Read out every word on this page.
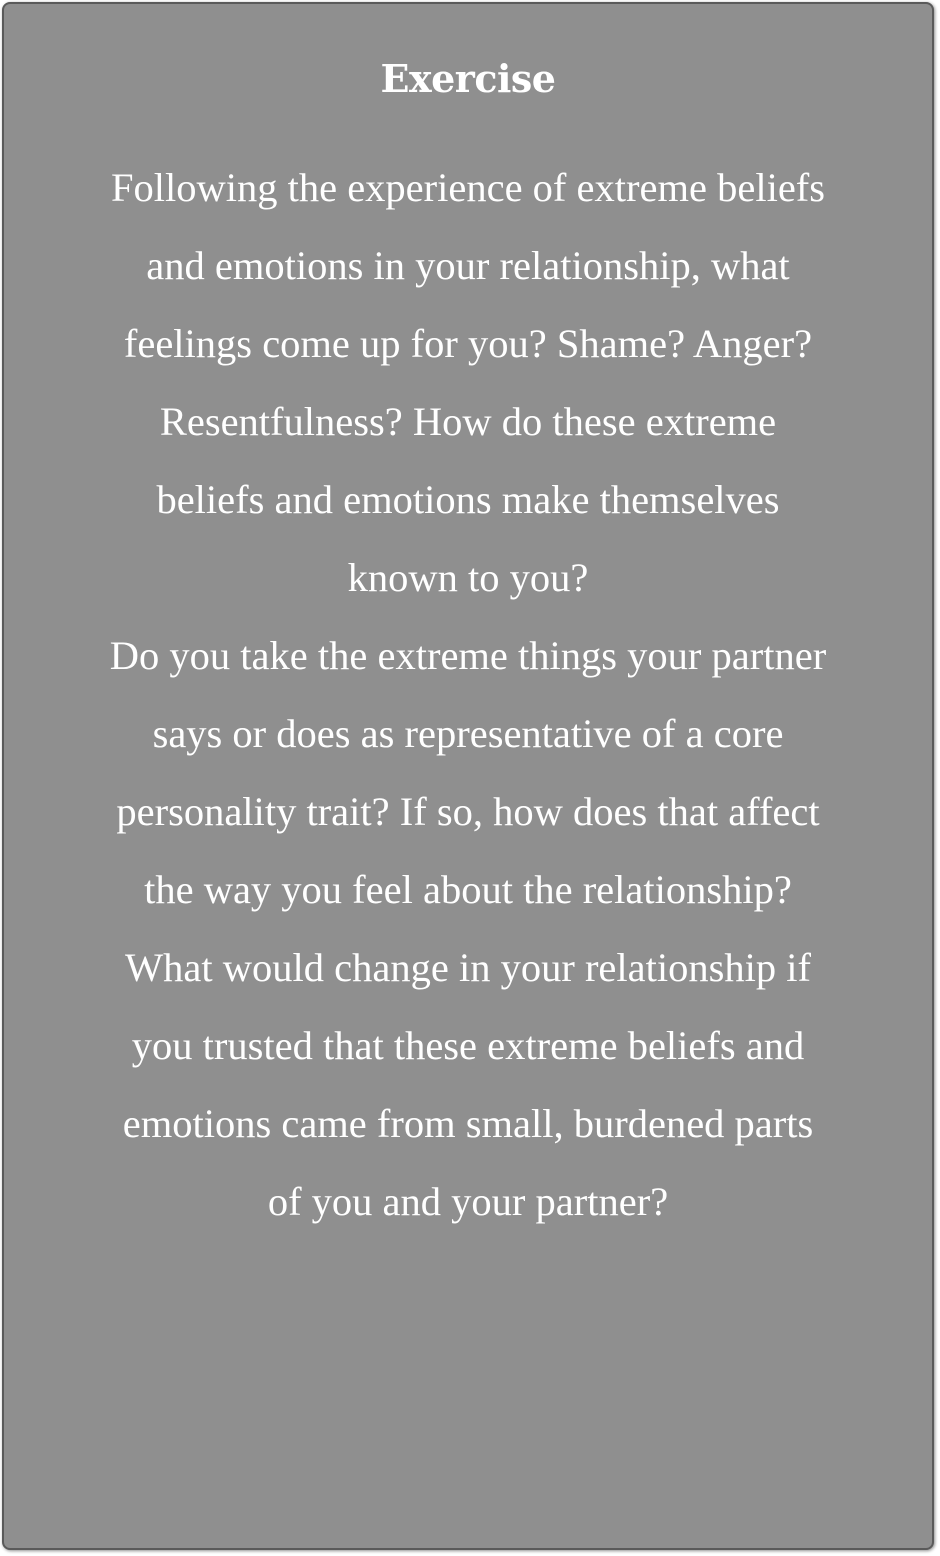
Exercise

Following the experience of extreme beliefs and emotions in your relationship, what feelings come up for you? Shame? Anger? Resentfulness? How do these extreme beliefs and emotions make themselves known to you?

Do you take the extreme things your partner says or does as representative of a core personality trait? If so, how does that affect the way you feel about the relationship?

What would change in your relationship if you trusted that these extreme beliefs and emotions came from small, burdened parts of you and your partner?
